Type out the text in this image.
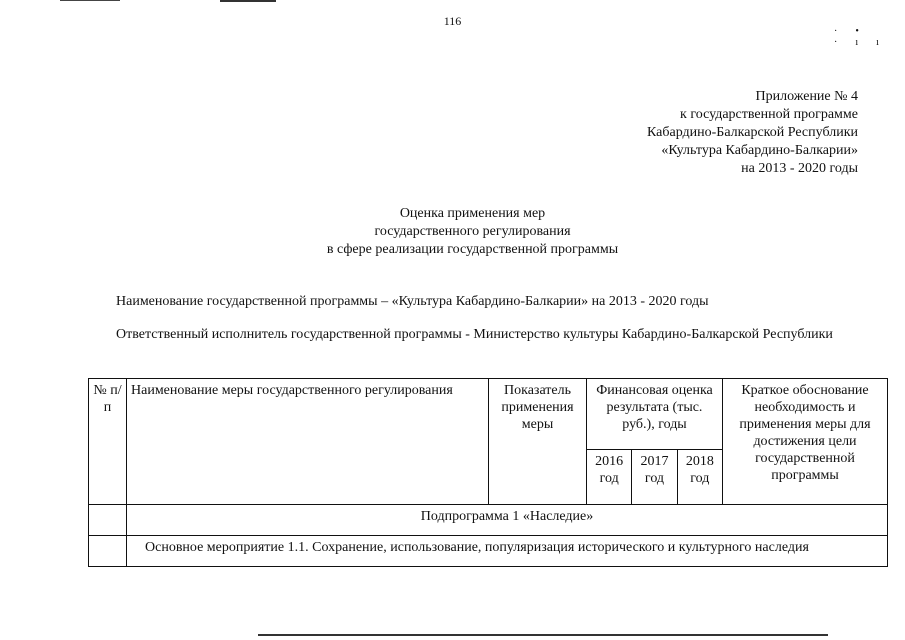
116
·• ·ıı
Приложение № 4
к государственной программе
Кабардино-Балкарской Республики
«Культура Кабардино-Балкарии»
на 2013 - 2020 годы
Оценка применения мер
государственного регулирования
в сфере реализации государственной программы
Наименование государственной программы – «Культура Кабардино-Балкарии» на 2013 - 2020 годы
Ответственный исполнитель государственной программы - Министерство культуры Кабардино-Балкарской Республики
№ п/п	Наименование меры государственного регулирования	Показатель применения меры	Финансовая оценка результата (тыс. руб.), годы			Краткое обоснование необходимость и применения меры для достижения цели государственной программы
			2016 год	2017 год	2018 год	
	Подпрограмма 1 «Наследие»					
	Основное мероприятие 1.1. Сохранение, использование, популяризация исторического и культурного наследия					
